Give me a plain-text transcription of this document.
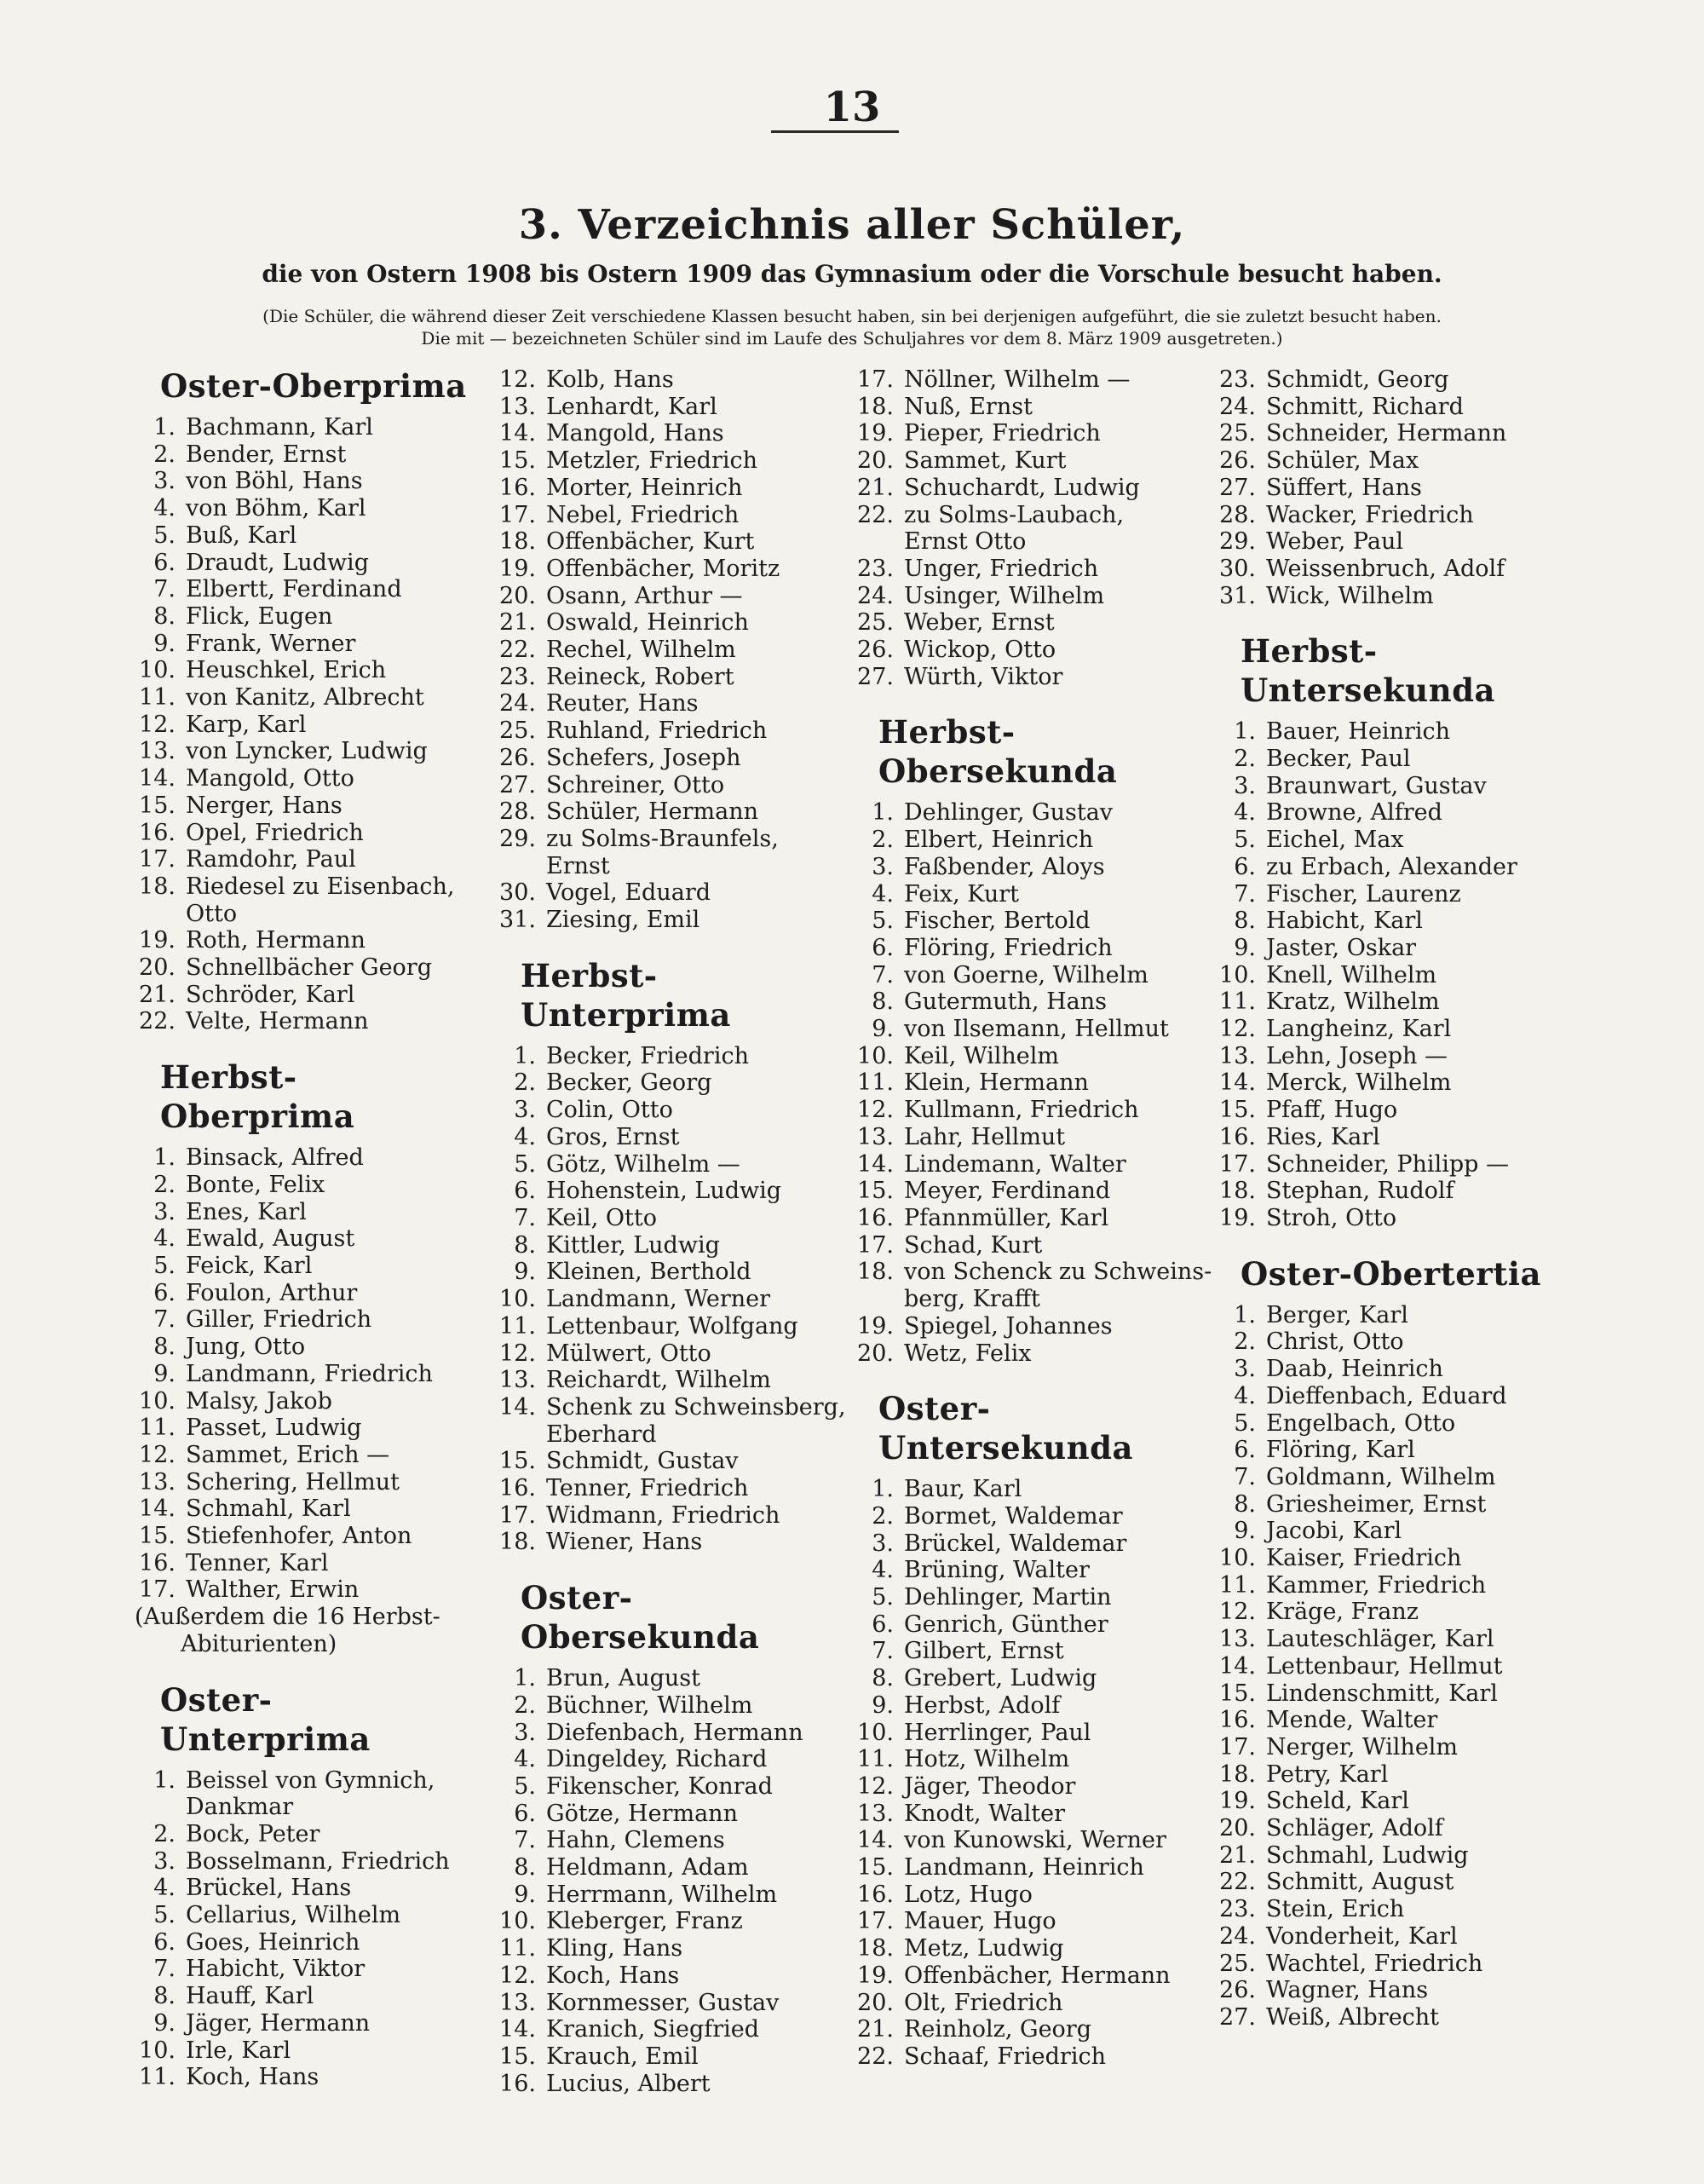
13
3. Verzeichnis aller Schüler,
die von Ostern 1908 bis Ostern 1909 das Gymnasium oder die Vorschule besucht haben.
(Die Schüler, die während dieser Zeit verschiedene Klassen besucht haben, sin bei derjenigen aufgeführt, die sie zuletzt besucht haben.
Die mit — bezeichneten Schüler sind im Laufe des Schuljahres vor dem 8. März 1909 ausgetreten.)
Oster-Oberprima
1. Bachmann, Karl
2. Bender, Ernst
3. von Böhl, Hans
4. von Böhm, Karl
5. Buß, Karl
6. Draudt, Ludwig
7. Elbertt, Ferdinand
8. Flick, Eugen
9. Frank, Werner
10. Heuschkel, Erich
11. von Kanitz, Albrecht
12. Karp, Karl
13. von Lyncker, Ludwig
14. Mangold, Otto
15. Nerger, Hans
16. Opel, Friedrich
17. Ramdohr, Paul
18. Riedesel zu Eisenbach,
Otto
19. Roth, Hermann
20. Schnellbächer Georg
21. Schröder, Karl
22. Velte, Hermann
Herbst-Oberprima
1. Binsack, Alfred
2. Bonte, Felix
3. Enes, Karl
4. Ewald, August
5. Feick, Karl
6. Foulon, Arthur
7. Giller, Friedrich
8. Jung, Otto
9. Landmann, Friedrich
10. Malsy, Jakob
11. Passet, Ludwig
12. Sammet, Erich —
13. Schering, Hellmut
14. Schmahl, Karl
15. Stiefenhofer, Anton
16. Tenner, Karl
17. Walther, Erwin
(Außerdem die 16 Herbst-
Abiturienten)
Oster-Unterprima
1. Beissel von Gymnich,
Dankmar
2. Bock, Peter
3. Bosselmann, Friedrich
4. Brückel, Hans
5. Cellarius, Wilhelm
6. Goes, Heinrich
7. Habicht, Viktor
8. Hauff, Karl
9. Jäger, Hermann
10. Irle, Karl
11. Koch, Hans
12. Kolb, Hans
13. Lenhardt, Karl
14. Mangold, Hans
15. Metzler, Friedrich
16. Morter, Heinrich
17. Nebel, Friedrich
18. Offenbächer, Kurt
19. Offenbächer, Moritz
20. Osann, Arthur —
21. Oswald, Heinrich
22. Rechel, Wilhelm
23. Reineck, Robert
24. Reuter, Hans
25. Ruhland, Friedrich
26. Schefers, Joseph
27. Schreiner, Otto
28. Schüler, Hermann
29. zu Solms-Braunfels,
Ernst
30. Vogel, Eduard
31. Ziesing, Emil
Herbst-Unterprima
1. Becker, Friedrich
2. Becker, Georg
3. Colin, Otto
4. Gros, Ernst
5. Götz, Wilhelm —
6. Hohenstein, Ludwig
7. Keil, Otto
8. Kittler, Ludwig
9. Kleinen, Berthold
10. Landmann, Werner
11. Lettenbaur, Wolfgang
12. Mülwert, Otto
13. Reichardt, Wilhelm
14. Schenk zu Schweinsberg,
Eberhard
15. Schmidt, Gustav
16. Tenner, Friedrich
17. Widmann, Friedrich
18. Wiener, Hans
Oster-Obersekunda
1. Brun, August
2. Büchner, Wilhelm
3. Diefenbach, Hermann
4. Dingeldey, Richard
5. Fikenscher, Konrad
6. Götze, Hermann
7. Hahn, Clemens
8. Heldmann, Adam
9. Herrmann, Wilhelm
10. Kleberger, Franz
11. Kling, Hans
12. Koch, Hans
13. Kornmesser, Gustav
14. Kranich, Siegfried
15. Krauch, Emil
16. Lucius, Albert
17. Nöllner, Wilhelm —
18. Nuß, Ernst
19. Pieper, Friedrich
20. Sammet, Kurt
21. Schuchardt, Ludwig
22. zu Solms-Laubach,
Ernst Otto
23. Unger, Friedrich
24. Usinger, Wilhelm
25. Weber, Ernst
26. Wickop, Otto
27. Würth, Viktor
Herbst-Obersekunda
1. Dehlinger, Gustav
2. Elbert, Heinrich
3. Faßbender, Aloys
4. Feix, Kurt
5. Fischer, Bertold
6. Flöring, Friedrich
7. von Goerne, Wilhelm
8. Gutermuth, Hans
9. von Ilsemann, Hellmut
10. Keil, Wilhelm
11. Klein, Hermann
12. Kullmann, Friedrich
13. Lahr, Hellmut
14. Lindemann, Walter
15. Meyer, Ferdinand
16. Pfannmüller, Karl
17. Schad, Kurt
18. von Schenck zu Schweins-
berg, Krafft
19. Spiegel, Johannes
20. Wetz, Felix
Oster-Untersekunda
1. Baur, Karl
2. Bormet, Waldemar
3. Brückel, Waldemar
4. Brüning, Walter
5. Dehlinger, Martin
6. Genrich, Günther
7. Gilbert, Ernst
8. Grebert, Ludwig
9. Herbst, Adolf
10. Herrlinger, Paul
11. Hotz, Wilhelm
12. Jäger, Theodor
13. Knodt, Walter
14. von Kunowski, Werner
15. Landmann, Heinrich
16. Lotz, Hugo
17. Mauer, Hugo
18. Metz, Ludwig
19. Offenbächer, Hermann
20. Olt, Friedrich
21. Reinholz, Georg
22. Schaaf, Friedrich
23. Schmidt, Georg
24. Schmitt, Richard
25. Schneider, Hermann
26. Schüler, Max
27. Süffert, Hans
28. Wacker, Friedrich
29. Weber, Paul
30. Weissenbruch, Adolf
31. Wick, Wilhelm
Herbst-Untersekunda
1. Bauer, Heinrich
2. Becker, Paul
3. Braunwart, Gustav
4. Browne, Alfred
5. Eichel, Max
6. zu Erbach, Alexander
7. Fischer, Laurenz
8. Habicht, Karl
9. Jaster, Oskar
10. Knell, Wilhelm
11. Kratz, Wilhelm
12. Langheinz, Karl
13. Lehn, Joseph —
14. Merck, Wilhelm
15. Pfaff, Hugo
16. Ries, Karl
17. Schneider, Philipp —
18. Stephan, Rudolf
19. Stroh, Otto
Oster-Obertertia
1. Berger, Karl
2. Christ, Otto
3. Daab, Heinrich
4. Dieffenbach, Eduard
5. Engelbach, Otto
6. Flöring, Karl
7. Goldmann, Wilhelm
8. Griesheimer, Ernst
9. Jacobi, Karl
10. Kaiser, Friedrich
11. Kammer, Friedrich
12. Kräge, Franz
13. Lauteschläger, Karl
14. Lettenbaur, Hellmut
15. Lindenschmitt, Karl
16. Mende, Walter
17. Nerger, Wilhelm
18. Petry, Karl
19. Scheld, Karl
20. Schläger, Adolf
21. Schmahl, Ludwig
22. Schmitt, August
23. Stein, Erich
24. Vonderheit, Karl
25. Wachtel, Friedrich
26. Wagner, Hans
27. Weiß, Albrecht
